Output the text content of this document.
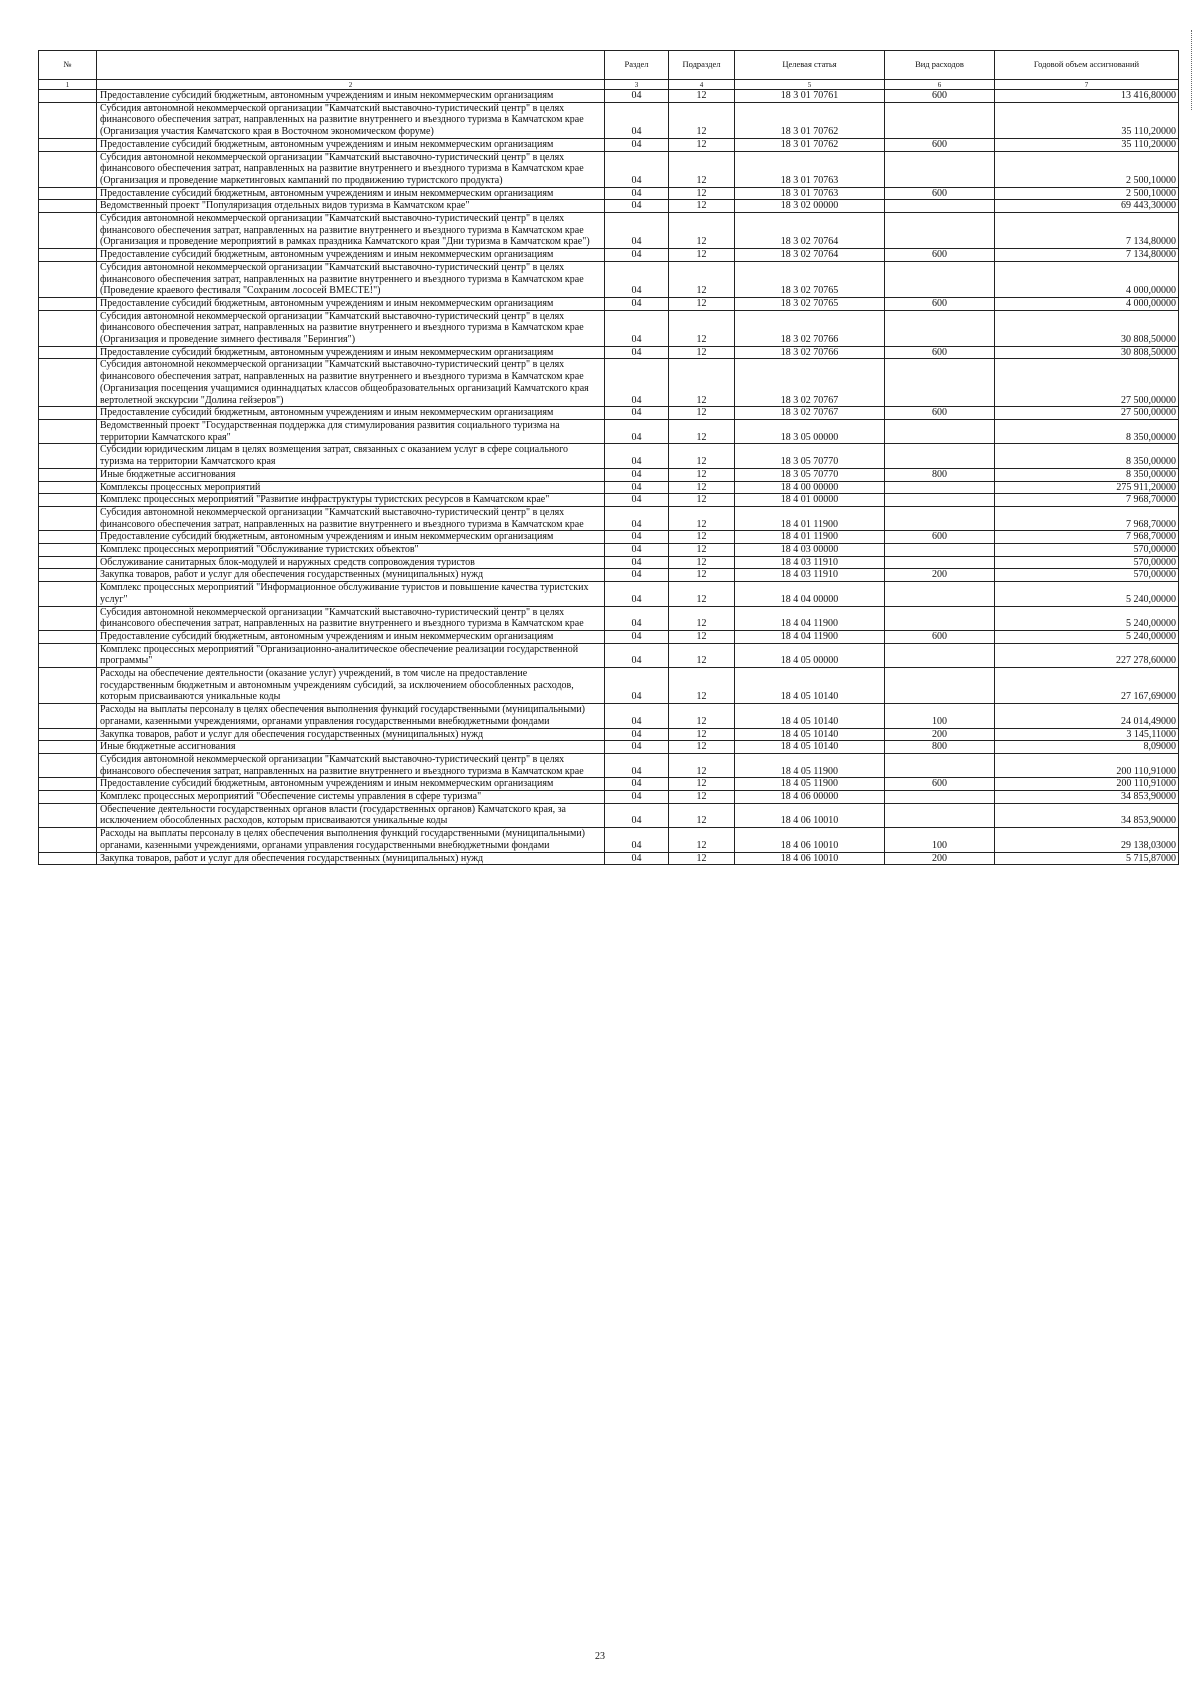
№		Раздел	Подраздел	Целевая статья	Вид расходов	Годовой объем ассигнований
1	2	3	4	5	6	7
	Предоставление субсидий бюджетным, автономным учреждениям и иным некоммерческим организациям	04	12	18 3 01 70761	600	13 416,80000
	Субсидия автономной некоммерческой организации "Камчатский выставочно-туристический центр" в целях финансового обеспечения затрат, направленных на развитие внутреннего и въездного туризма в Камчатском крае (Организация участия Камчатского края в Восточном экономическом форуме)	04	12	18 3 01 70762		35 110,20000
	Предоставление субсидий бюджетным, автономным учреждениям и иным некоммерческим организациям	04	12	18 3 01 70762	600	35 110,20000
	Субсидия автономной некоммерческой организации "Камчатский выставочно-туристический центр" в целях финансового обеспечения затрат, направленных на развитие внутреннего и въездного туризма в Камчатском крае (Организация и проведение маркетинговых кампаний по продвижению туристского продукта)	04	12	18 3 01 70763		2 500,10000
	Предоставление субсидий бюджетным, автономным учреждениям и иным некоммерческим организациям	04	12	18 3 01 70763	600	2 500,10000
	Ведомственный проект "Популяризация отдельных видов туризма в Камчатском крае"	04	12	18 3 02 00000		69 443,30000
	Субсидия автономной некоммерческой организации "Камчатский выставочно-туристический центр" в целях финансового обеспечения затрат, направленных на развитие внутреннего и въездного туризма в Камчатском крае (Организация и проведение мероприятий в рамках праздника Камчатского края "Дни туризма в Камчатском крае")	04	12	18 3 02 70764		7 134,80000
	Предоставление субсидий бюджетным, автономным учреждениям и иным некоммерческим организациям	04	12	18 3 02 70764	600	7 134,80000
	Субсидия автономной некоммерческой организации "Камчатский выставочно-туристический центр" в целях финансового обеспечения затрат, направленных на развитие внутреннего и въездного туризма в Камчатском крае (Проведение краевого фестиваля "Сохраним лососей ВМЕСТЕ!")	04	12	18 3 02 70765		4 000,00000
	Предоставление субсидий бюджетным, автономным учреждениям и иным некоммерческим организациям	04	12	18 3 02 70765	600	4 000,00000
	Субсидия автономной некоммерческой организации "Камчатский выставочно-туристический центр" в целях финансового обеспечения затрат, направленных на развитие внутреннего и въездного туризма в Камчатском крае (Организация и проведение зимнего фестиваля "Берингия")	04	12	18 3 02 70766		30 808,50000
	Предоставление субсидий бюджетным, автономным учреждениям и иным некоммерческим организациям	04	12	18 3 02 70766	600	30 808,50000
	Субсидия автономной некоммерческой организации "Камчатский выставочно-туристический центр" в целях финансового обеспечения затрат, направленных на развитие внутреннего и въездного туризма в Камчатском крае (Организация посещения учащимися одиннадцатых классов общеобразовательных организаций Камчатского края вертолетной экскурсии "Долина гейзеров")	04	12	18 3 02 70767		27 500,00000
	Предоставление субсидий бюджетным, автономным учреждениям и иным некоммерческим организациям	04	12	18 3 02 70767	600	27 500,00000
	Ведомственный проект "Государственная поддержка для стимулирования развития социального туризма на территории Камчатского края"	04	12	18 3 05 00000		8 350,00000
	Субсидии юридическим лицам в целях возмещения затрат, связанных с оказанием услуг в сфере социального туризма на территории Камчатского края	04	12	18 3 05 70770		8 350,00000
	Иные бюджетные ассигнования	04	12	18 3 05 70770	800	8 350,00000
	Комплексы процессных мероприятий	04	12	18 4 00 00000		275 911,20000
	Комплекс процессных мероприятий "Развитие инфраструктуры туристских ресурсов в Камчатском крае"	04	12	18 4 01 00000		7 968,70000
	Субсидия автономной некоммерческой организации "Камчатский выставочно-туристический центр" в целях финансового обеспечения затрат, направленных на развитие внутреннего и въездного туризма в Камчатском крае	04	12	18 4 01 11900		7 968,70000
	Предоставление субсидий бюджетным, автономным учреждениям и иным некоммерческим организациям	04	12	18 4 01 11900	600	7 968,70000
	Комплекс процессных мероприятий "Обслуживание туристских объектов"	04	12	18 4 03 00000		570,00000
	Обслуживание санитарных блок-модулей и наружных средств сопровождения туристов	04	12	18 4 03 11910		570,00000
	Закупка товаров, работ и услуг для обеспечения государственных (муниципальных) нужд	04	12	18 4 03 11910	200	570,00000
	Комплекс процессных мероприятий "Информационное обслуживание туристов и повышение качества туристских услуг"	04	12	18 4 04 00000		5 240,00000
	Субсидия автономной некоммерческой организации "Камчатский выставочно-туристический центр" в целях финансового обеспечения затрат, направленных на развитие внутреннего и въездного туризма в Камчатском крае	04	12	18 4 04 11900		5 240,00000
	Предоставление субсидий бюджетным, автономным учреждениям и иным некоммерческим организациям	04	12	18 4 04 11900	600	5 240,00000
	Комплекс процессных мероприятий "Организационно-аналитическое обеспечение реализации государственной программы"	04	12	18 4 05 00000		227 278,60000
	Расходы на обеспечение деятельности (оказание услуг) учреждений, в том числе на предоставление государственным бюджетным и автономным учреждениям субсидий, за исключением обособленных расходов, которым присваиваются уникальные коды	04	12	18 4 05 10140		27 167,69000
	Расходы на выплаты персоналу в целях обеспечения выполнения функций государственными (муниципальными) органами, казенными учреждениями, органами управления государственными внебюджетными фондами	04	12	18 4 05 10140	100	24 014,49000
	Закупка товаров, работ и услуг для обеспечения государственных (муниципальных) нужд	04	12	18 4 05 10140	200	3 145,11000
	Иные бюджетные ассигнования	04	12	18 4 05 10140	800	8,09000
	Субсидия автономной некоммерческой организации "Камчатский выставочно-туристический центр" в целях финансового обеспечения затрат, направленных на развитие внутреннего и въездного туризма в Камчатском крае	04	12	18 4 05 11900		200 110,91000
	Предоставление субсидий бюджетным, автономным учреждениям и иным некоммерческим организациям	04	12	18 4 05 11900	600	200 110,91000
	Комплекс процессных мероприятий "Обеспечение системы управления в сфере туризма"	04	12	18 4 06 00000		34 853,90000
	Обеспечение деятельности государственных органов власти (государственных органов) Камчатского края, за исключением обособленных расходов, которым присваиваются уникальные коды	04	12	18 4 06 10010		34 853,90000
	Расходы на выплаты персоналу в целях обеспечения выполнения функций государственными (муниципальными) органами, казенными учреждениями, органами управления государственными внебюджетными фондами	04	12	18 4 06 10010	100	29 138,03000
	Закупка товаров, работ и услуг для обеспечения государственных (муниципальных) нужд	04	12	18 4 06 10010	200	5 715,87000
23
